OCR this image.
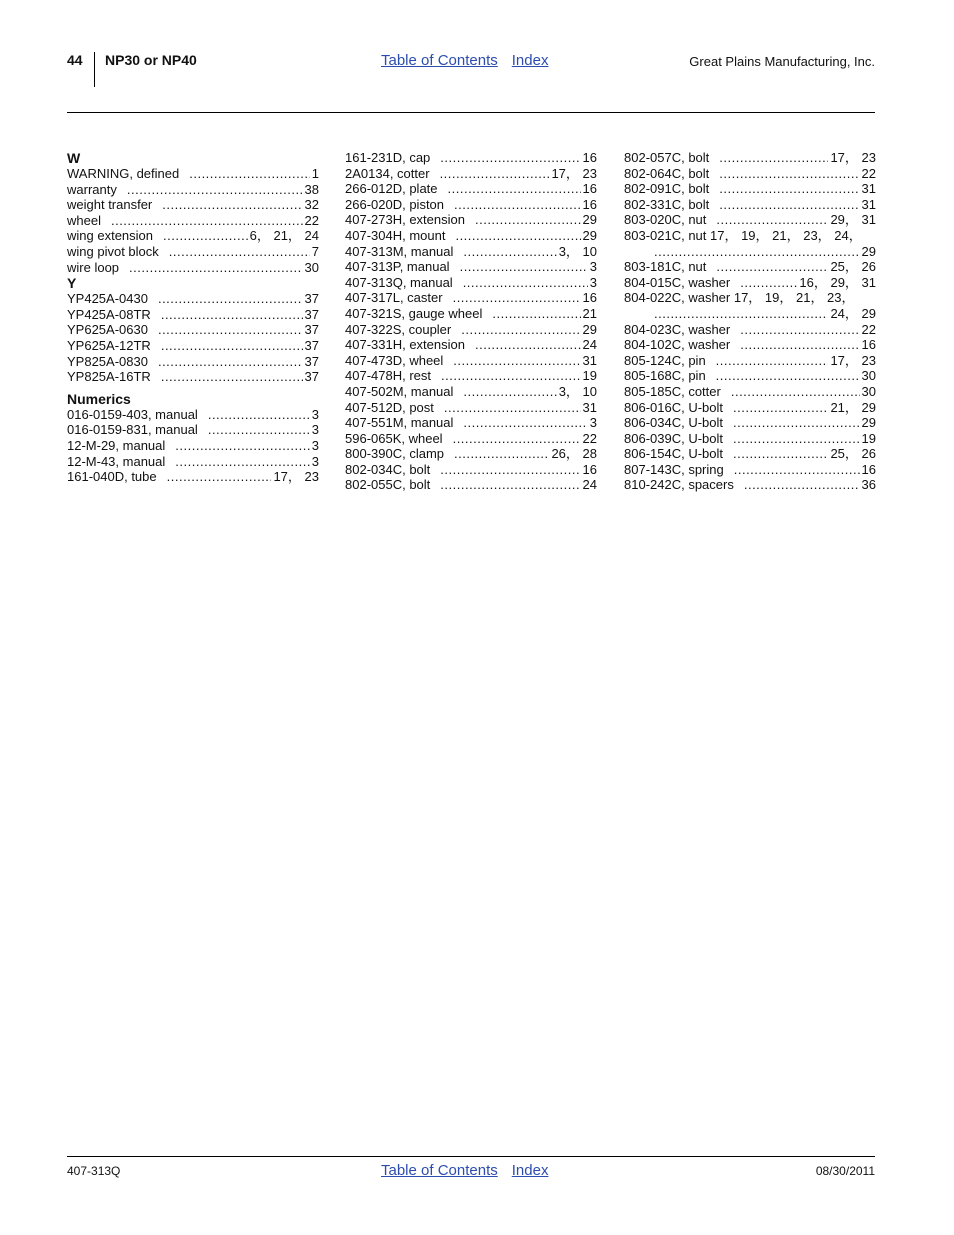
44 NP30 or NP40	Table of Contents Index	Great Plains Manufacturing, Inc.
W
WARNING, defined .....	1
warranty .....	38
weight transfer .....	32
wheel .....	22
wing extension .....	6， 21， 24
wing pivot block .....	7
wire loop .....	30
Y
YP425A-0430 .....	37
YP425A-08TR .....	37
YP625A-0630 .....	37
YP625A-12TR .....	37
YP825A-0830 .....	37
YP825A-16TR .....	37
Numerics
016-0159-403, manual .....	3
016-0159-831, manual .....	3
12-M-29, manual .....	3
12-M-43, manual .....	3
161-040D, tube .....	17， 23
161-231D, cap .....	16
2A0134, cotter .....	17， 23
266-012D, plate .....	16
266-020D, piston .....	16
407-273H, extension .....	29
407-304H, mount .....	29
407-313M, manual .....	3， 10
407-313P, manual .....	3
407-313Q, manual .....	3
407-317L, caster .....	16
407-321S, gauge wheel .....	21
407-322S, coupler .....	29
407-331H, extension .....	24
407-473D, wheel .....	31
407-478H, rest .....	19
407-502M, manual .....	3， 10
407-512D, post .....	31
407-551M, manual .....	3
596-065K, wheel .....	22
800-390C, clamp .....	26， 28
802-034C, bolt .....	16
802-055C, bolt .....	24
802-057C, bolt .....	17， 23
802-064C, bolt .....	22
802-091C, bolt .....	31
802-331C, bolt .....	31
803-020C, nut .....	29， 31
803-021C, nut 17， 19， 21， 23， 24，
.....
29
803-181C, nut .....	25， 26
804-015C, washer .....	16， 29， 31
804-022C, washer 17， 19， 21， 23，
.....
24， 29
804-023C, washer .....	22
804-102C, washer .....	16
805-124C, pin .....	17， 23
805-168C, pin .....	30
805-185C, cotter .....	30
806-016C, U-bolt .....	21， 29
806-034C, U-bolt .....	29
806-039C, U-bolt .....	19
806-154C, U-bolt .....	25， 26
807-143C, spring .....	16
810-242C, spacers .....	36
407-313Q	Table of Contents Index	08/30/2011
